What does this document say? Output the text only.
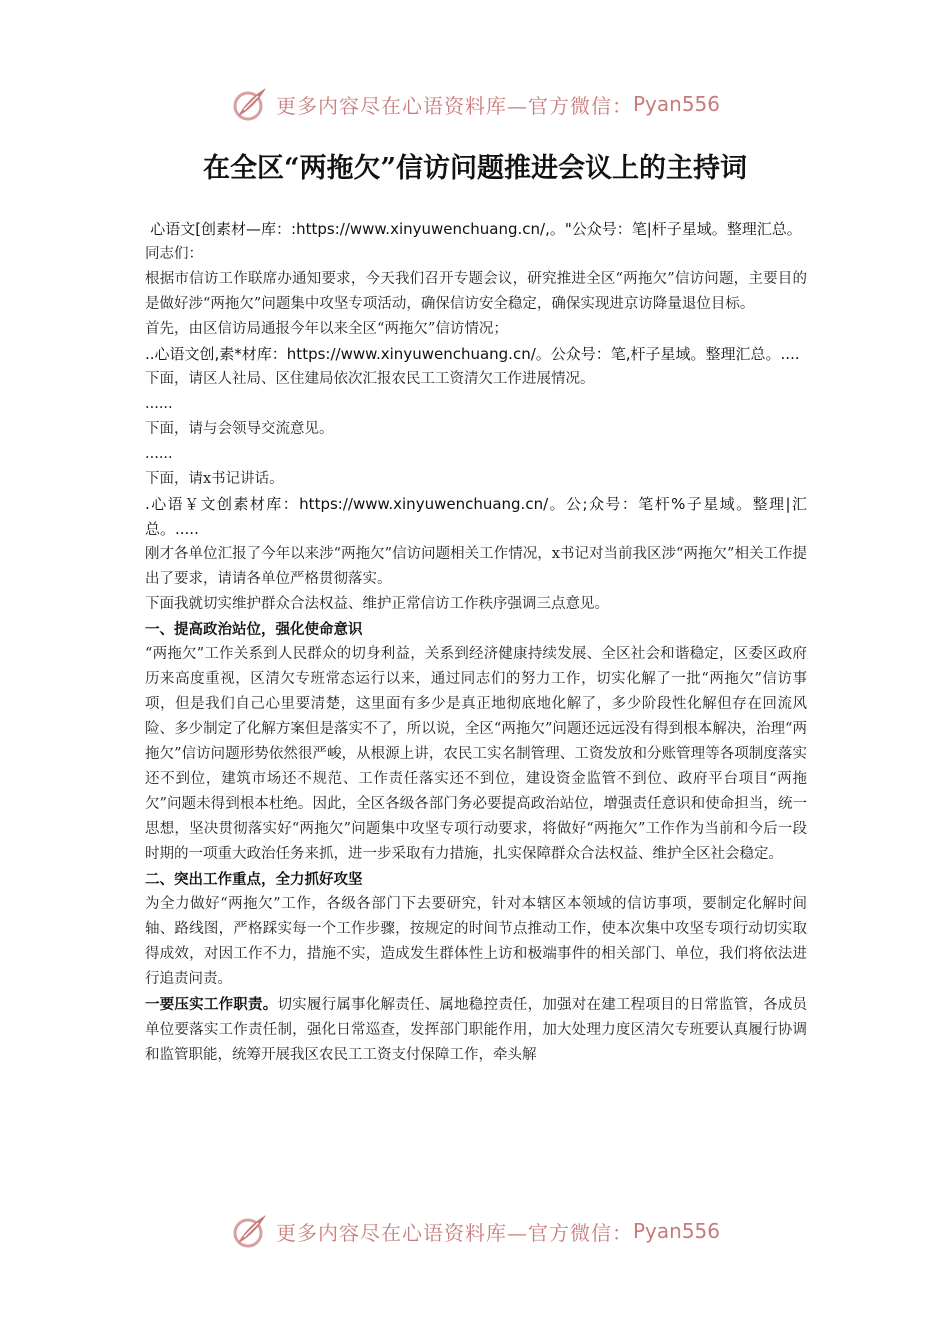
更多内容尽在心语资料库—官方微信： Pyan556
在全区“两拖欠”信访问题推进会议上的主持词

心语文[创素材—库：:https://www.xinyuwenchuang.cn/,。"公众号：笔|杆子星域。整理汇总。

同志们：

根据市信访工作联席办通知要求，今天我们召开专题会议，研究推进全区“两拖欠”信访问题，主要目的是做好涉“两拖欠”问题集中攻坚专项活动，确保信访安全稳定，确保实现进京访降量退位目标。

首先，由区信访局通报今年以来全区“两拖欠”信访情况；

..心语文创,素*材库：https://www.xinyuwenchuang.cn/。公众号：笔,杆子星域。整理汇总。....

下面，请区人社局、区住建局依次汇报农民工工资清欠工作进展情况。

......

下面，请与会领导交流意见。

......

下面，请x书记讲话。

.心语￥文创素材库：https://www.xinyuwenchuang.cn/。公;众号：笔杆%子星域。整理|汇总。.....

刚才各单位汇报了今年以来涉“两拖欠”信访问题相关工作情况，x书记对当前我区涉“两拖欠”相关工作提出了要求，请请各单位严格贯彻落实。

下面我就切实维护群众合法权益、维护正常信访工作秩序强调三点意见。

一、提高政治站位，强化使命意识

“两拖欠”工作关系到人民群众的切身利益，关系到经济健康持续发展、全区社会和谐稳定，区委区政府历来高度重视，区清欠专班常态运行以来，通过同志们的努力工作，切实化解了一批“两拖欠”信访事项，但是我们自己心里要清楚，这里面有多少是真正地彻底地化解了，多少阶段性化解但存在回流风险、多少制定了化解方案但是落实不了，所以说，全区“两拖欠”问题还远远没有得到根本解决，治理“两拖欠”信访问题形势依然很严峻，从根源上讲，农民工实名制管理、工资发放和分账管理等各项制度落实还不到位，建筑市场还不规范、工作责任落实还不到位，建设资金监管不到位、政府平台项目“两拖欠”问题未得到根本杜绝。因此，全区各级各部门务必要提高政治站位，增强责任意识和使命担当，统一思想，坚决贯彻落实好“两拖欠”问题集中攻坚专项行动要求，将做好“两拖欠”工作作为当前和今后一段时期的一项重大政治任务来抓，进一步采取有力措施，扎实保障群众合法权益、维护全区社会稳定。

二、突出工作重点，全力抓好攻坚

为全力做好“两拖欠”工作，各级各部门下去要研究，针对本辖区本领域的信访事项，要制定化解时间轴、路线图，严格踩实每一个工作步骤，按规定的时间节点推动工作，使本次集中攻坚专项行动切实取得成效，对因工作不力，措施不实，造成发生群体性上访和极端事件的相关部门、单位，我们将依法进行追责问责。

一要压实工作职责。切实履行属事化解责任、属地稳控责任，加强对在建工程项目的日常监管，各成员单位要落实工作责任制，强化日常巡查，发挥部门职能作用，加大处理力度区清欠专班要认真履行协调和监管职能，统筹开展我区农民工工资支付保障工作，牵头解

更多内容尽在心语资料库—官方微信： Pyan556
